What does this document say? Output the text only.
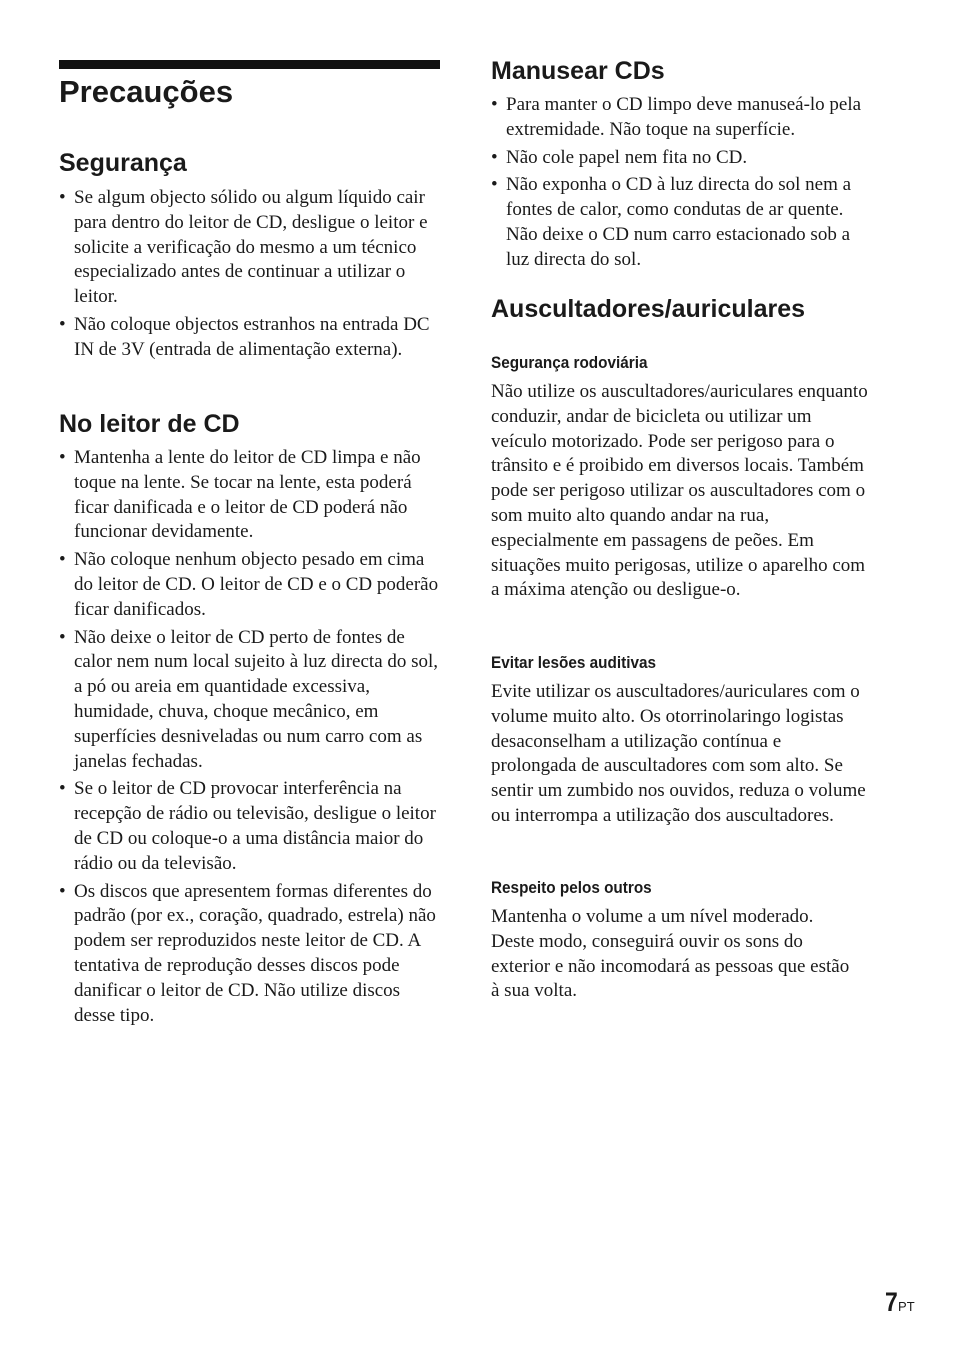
Precauções
Segurança
• Se algum objecto sólido ou algum líquido cair para dentro do leitor de CD, desligue o leitor e solicite a verificação do mesmo a um técnico especializado antes de continuar a utilizar o leitor.
• Não coloque objectos estranhos na entrada DC IN de 3V (entrada de alimentação externa).
No leitor de CD
• Mantenha a lente do leitor de CD limpa e não toque na lente. Se tocar na lente, esta poderá ficar danificada e o leitor de CD poderá não funcionar devidamente.
• Não coloque nenhum objecto pesado em cima do leitor de CD. O leitor de CD e o CD poderão ficar danificados.
• Não deixe o leitor de CD perto de fontes de calor nem num local sujeito à luz directa do sol, a pó ou areia em quantidade excessiva, humidade, chuva, choque mecânico, em superfícies desniveladas ou num carro com as janelas fechadas.
• Se o leitor de CD provocar interferência na recepção de rádio ou televisão, desligue o leitor de CD ou coloque-o a uma distância maior do rádio ou da televisão.
• Os discos que apresentem formas diferentes do padrão (por ex., coração, quadrado, estrela) não podem ser reproduzidos neste leitor de CD. A tentativa de reprodução desses discos pode danificar o leitor de CD. Não utilize discos desse tipo.
Manusear CDs
• Para manter o CD limpo deve manuseá-lo pela extremidade. Não toque na superfície.
• Não cole papel nem fita no CD.
• Não exponha o CD à luz directa do sol nem a fontes de calor, como condutas de ar quente. Não deixe o CD num carro estacionado sob a luz directa do sol.
Auscultadores/auriculares
Segurança rodoviária

Não utilize os auscultadores/auriculares enquanto conduzir, andar de bicicleta ou utilizar um veículo motorizado. Pode ser perigoso para o trânsito e é proibido em diversos locais. Também pode ser perigoso utilizar os auscultadores com o som muito alto quando andar na rua, especialmente em passagens de peões. Em situações muito perigosas, utilize o aparelho com a máxima atenção ou desligue-o.

Evitar lesões auditivas

Evite utilizar os auscultadores/auriculares com o volume muito alto. Os otorrinolaringo logistas desaconselham a utilização contínua e prolongada de auscultadores com som alto. Se sentir um zumbido nos ouvidos, reduza o volume ou interrompa a utilização dos auscultadores.

Respeito pelos outros

Mantenha o volume a um nível moderado. Deste modo, conseguirá ouvir os sons do exterior e não incomodará as pessoas que estão à sua volta.

7PT
